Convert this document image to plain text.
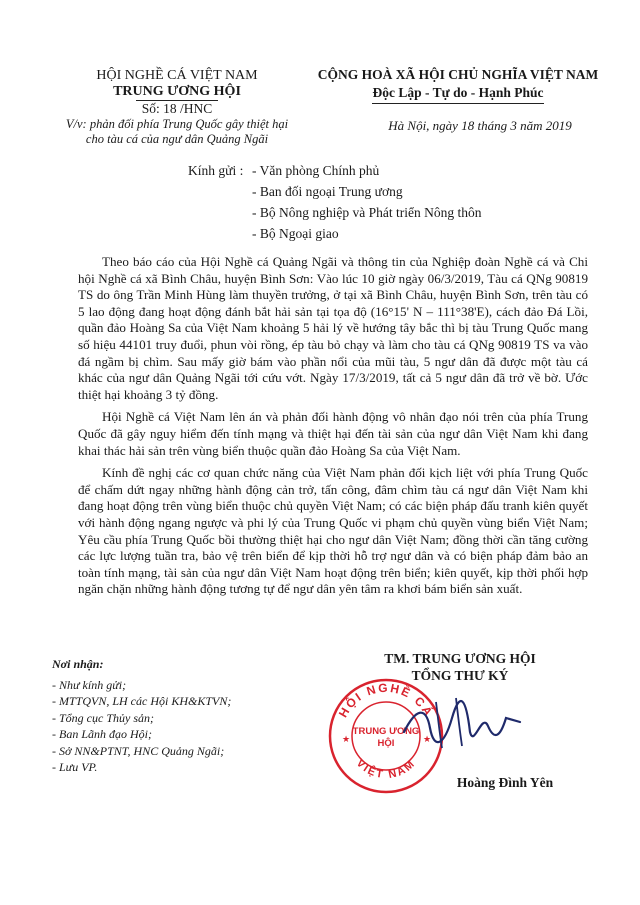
HỘI NGHỀ CÁ VIỆT NAM
TRUNG ƯƠNG HỘI
Số: 18 /HNC
V/v: phản đối phía Trung Quốc gây thiệt hại
cho tàu cá của ngư dân Quảng Ngãi
CỘNG HOÀ XÃ HỘI CHỦ NGHĨA VIỆT NAM
Độc Lập - Tự do - Hạnh Phúc
Hà Nội, ngày 18 tháng 3 năm 2019
Kính gửi : - Văn phòng Chính phủ
- Ban đối ngoại Trung ương
- Bộ Nông nghiệp và Phát triển Nông thôn
- Bộ Ngoại giao

Theo báo cáo của Hội Nghề cá Quảng Ngãi và thông tin của Nghiệp đoàn Nghề cá và Chi hội Nghề cá xã Bình Châu, huyện Bình Sơn: Vào lúc 10 giờ ngày 06/3/2019, Tàu cá QNg 90819 TS do ông Trần Minh Hùng làm thuyền trưởng, ở tại xã Bình Châu, huyện Bình Sơn, trên tàu có 5 lao động đang hoạt động đánh bắt hải sản tại tọa độ (16°15' N – 111°38'E), cách đảo Đá Lồi, quần đảo Hoàng Sa của Việt Nam khoảng 5 hải lý về hướng tây bắc thì bị tàu Trung Quốc mang số hiệu 44101 truy đuổi, phun vòi rồng, ép tàu bỏ chạy và làm cho tàu cá QNg 90819 TS va vào đá ngầm bị chìm. Sau mấy giờ bám vào phần nổi của mũi tàu, 5 ngư dân đã được một tàu cá khác của ngư dân Quảng Ngãi tới cứu vớt. Ngày 17/3/2019, tất cả 5 ngư dân đã trở về bờ. Ước thiệt hại khoảng 3 tỷ đồng.

Hội Nghề cá Việt Nam lên án và phản đối hành động vô nhân đạo nói trên của phía Trung Quốc đã gây nguy hiểm đến tính mạng và thiệt hại đến tài sản của ngư dân Việt Nam khi đang khai thác hải sản trên vùng biển thuộc quần đảo Hoàng Sa của Việt Nam.

Kính đề nghị các cơ quan chức năng của Việt Nam phản đối kịch liệt với phía Trung Quốc để chấm dứt ngay những hành động cản trở, tấn công, đâm chìm tàu cá ngư dân Việt Nam khi đang hoạt động trên vùng biển thuộc chủ quyền Việt Nam; có các biện pháp đấu tranh kiên quyết với hành động ngang ngược và phi lý của Trung Quốc vi phạm chủ quyền vùng biển Việt Nam; Yêu cầu phía Trung Quốc bồi thường thiệt hại cho ngư dân Việt Nam; đồng thời cần tăng cường các lực lượng tuần tra, bảo vệ trên biển để kịp thời hỗ trợ ngư dân và có biện pháp đảm bảo an toàn tính mạng, tài sản của ngư dân Việt Nam hoạt động trên biển; kiên quyết, kịp thời phối hợp ngăn chặn những hành động tương tự để ngư dân yên tâm ra khơi bám biển sản xuất.

Nơi nhận:
- Như kính gửi;
- MTTQVN, LH các Hội KH&KTVN;
- Tổng cục Thủy sản;
- Ban Lãnh đạo Hội;
- Sở NN&PTNT, HNC Quảng Ngãi;
- Lưu VP.
TM. TRUNG ƯƠNG HỘI
TỔNG THƯ KÝ
HỘI NGHỀ CÁ
VIỆT NAM
TRUNG ƯƠNG
HỘI
★	★
Hoàng Đình Yên
